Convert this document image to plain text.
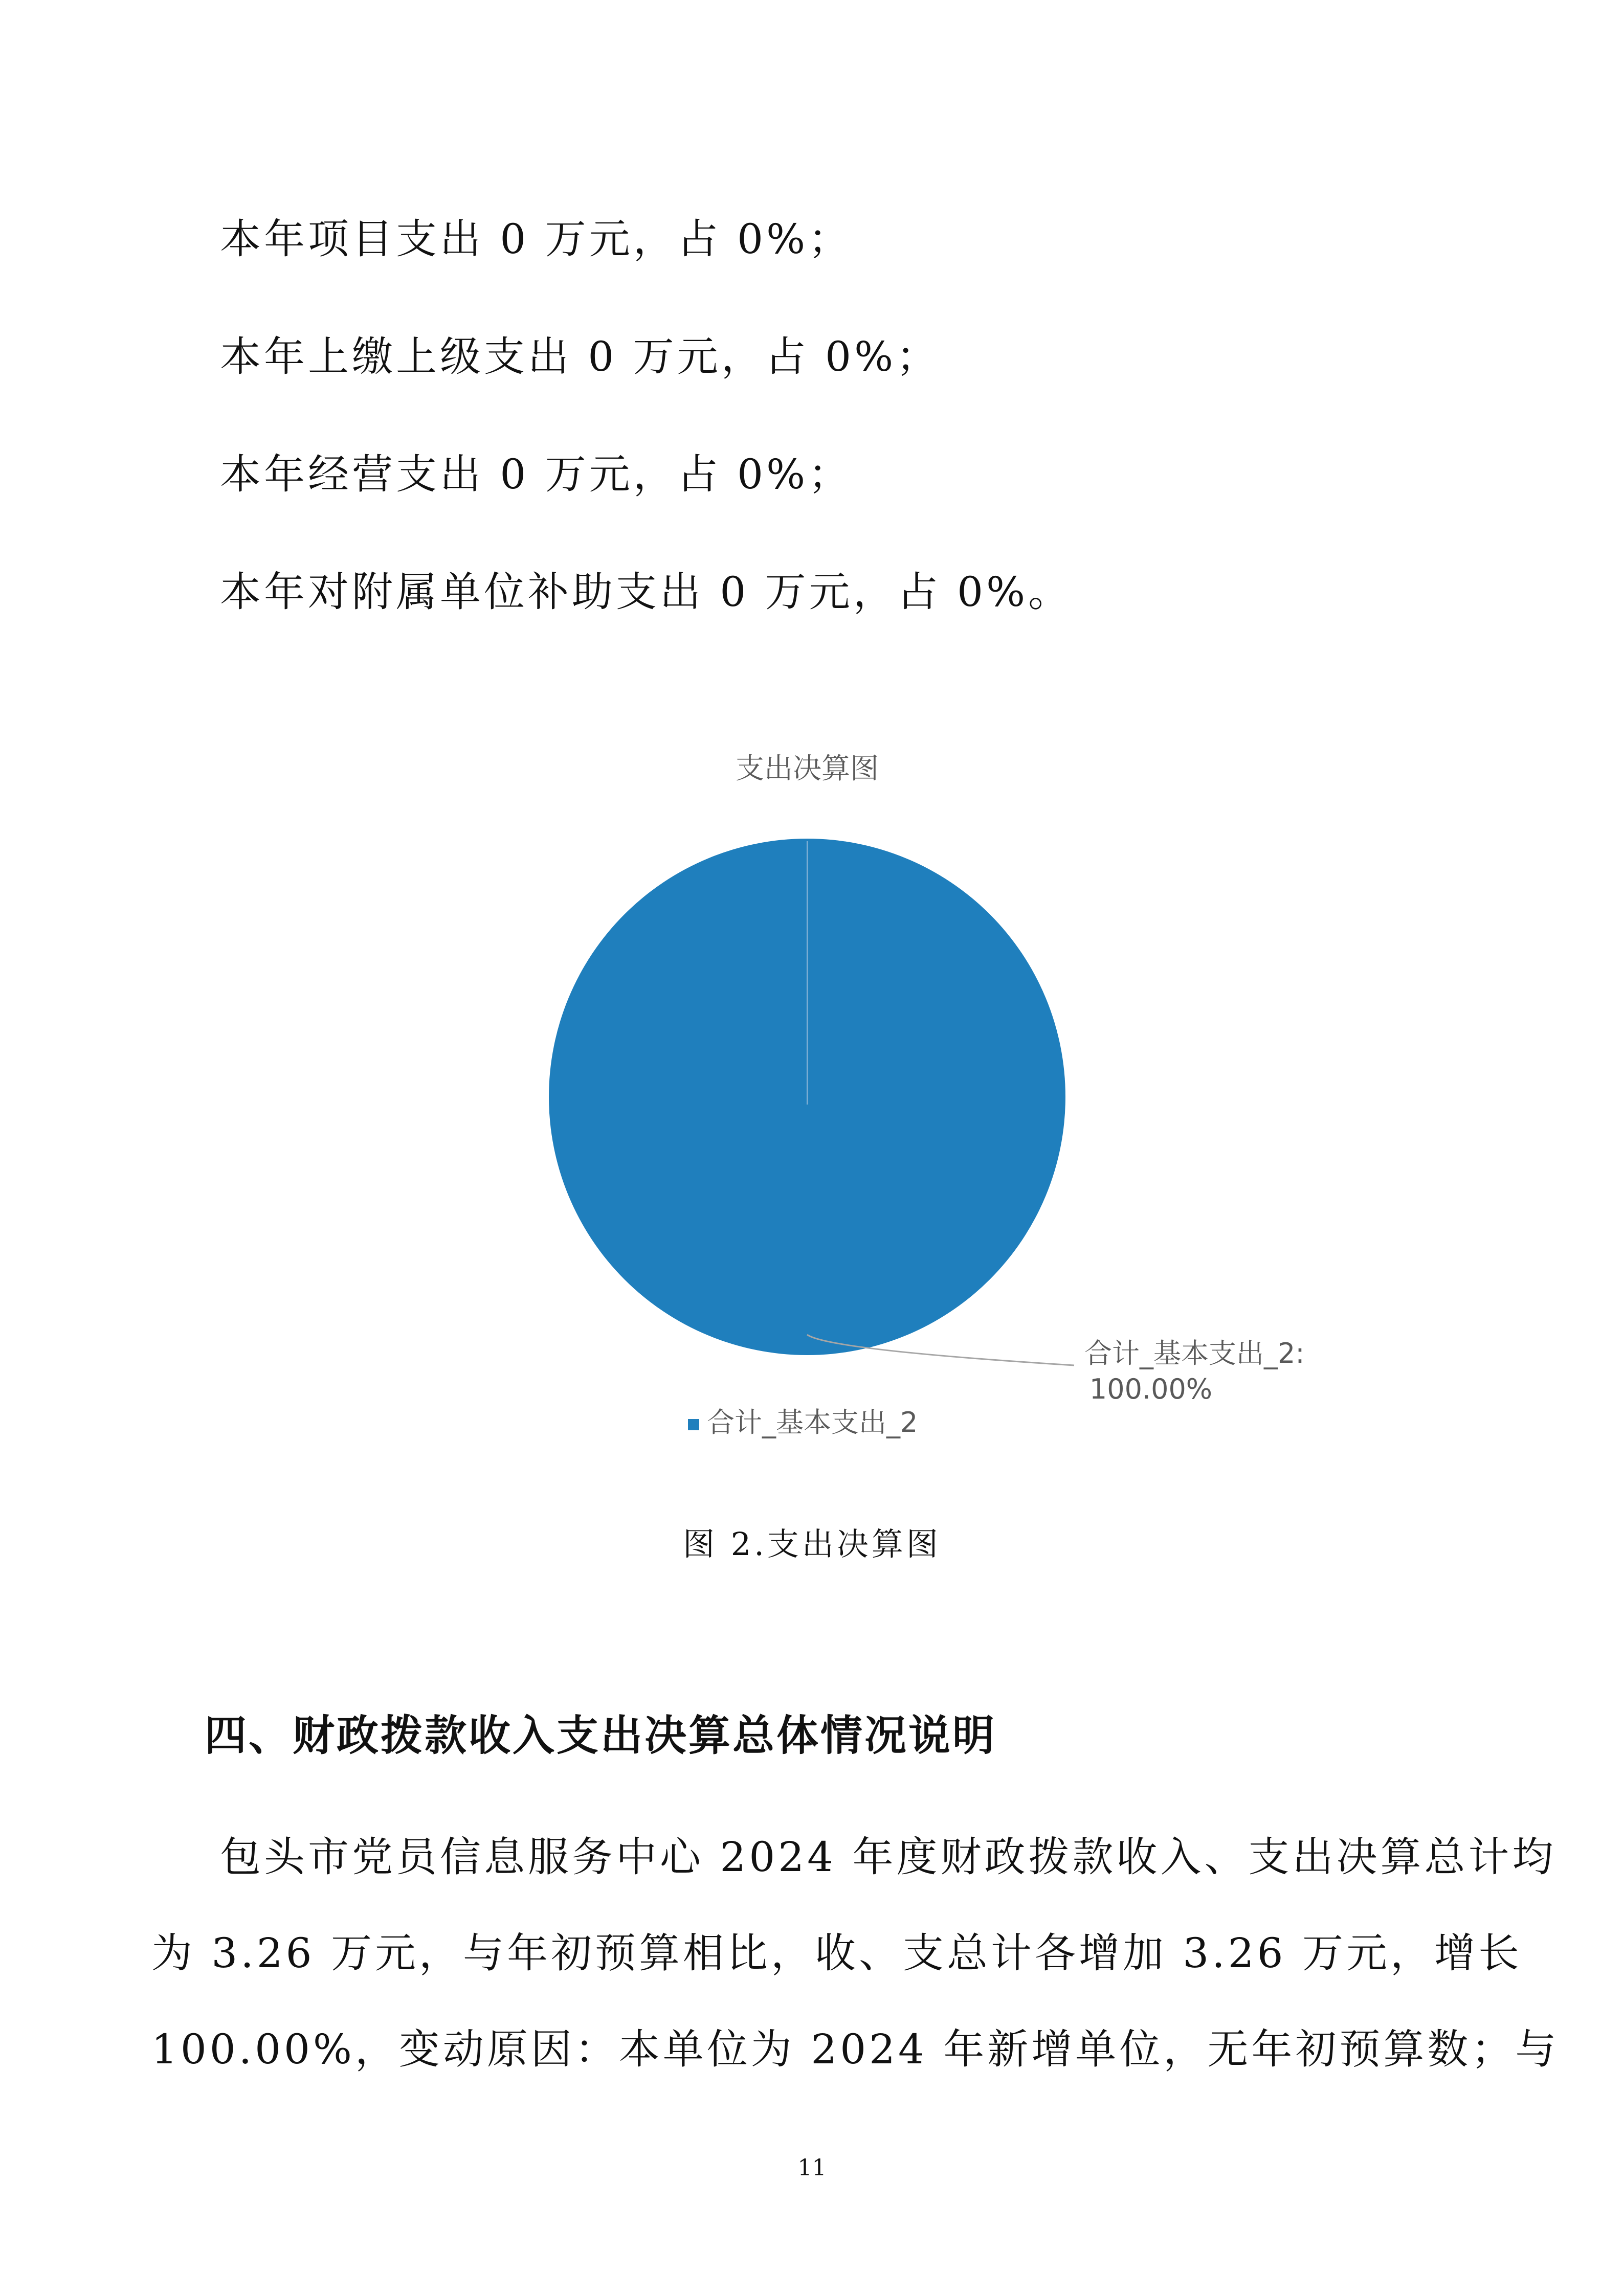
本年项目支出 0 万元，占 0%；
本年上缴上级支出 0 万元，占 0%；
本年经营支出 0 万元，占 0%；
本年对附属单位补助支出 0 万元，占 0%。
支出决算图
合计_基本支出_2:
100.00%
合计_基本支出_2
图 2.支出决算图
四、财政拨款收入支出决算总体情况说明
包头市党员信息服务中心 2024 年度财政拨款收入、支出决算总计均
为 3.26 万元，与年初预算相比，收、支总计各增加 3.26 万元，增长
100.00%，变动原因：本单位为 2024 年新增单位，无年初预算数；与
11
